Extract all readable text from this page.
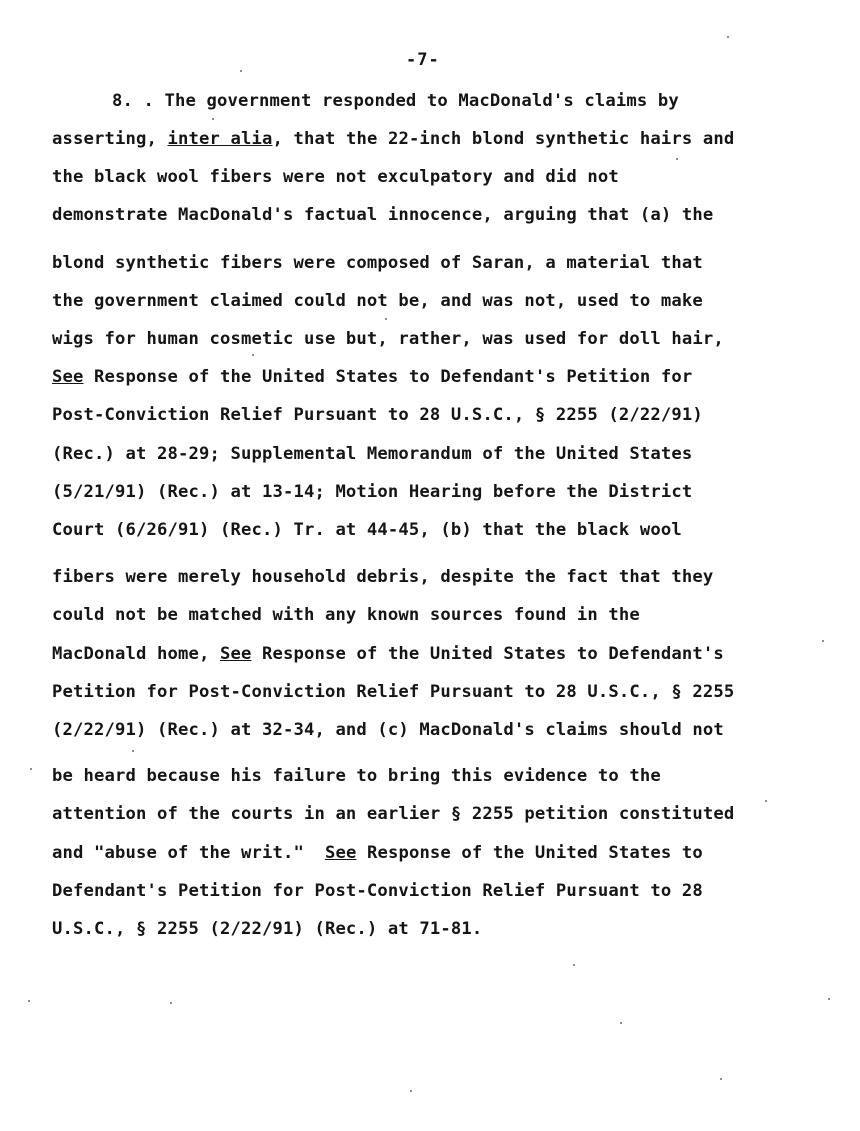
-7-
8. . The government responded to MacDonald's claims by
asserting, inter alia, that the 22-inch blond synthetic hairs and
the black wool fibers were not exculpatory and did not
demonstrate MacDonald's factual innocence, arguing that (a) the
blond synthetic fibers were composed of Saran, a material that
the government claimed could not be, and was not, used to make
wigs for human cosmetic use but, rather, was used for doll hair,
See Response of the United States to Defendant's Petition for
Post-Conviction Relief Pursuant to 28 U.S.C., § 2255 (2/22/91)
(Rec.) at 28-29; Supplemental Memorandum of the United States
(5/21/91) (Rec.) at 13-14; Motion Hearing before the District
Court (6/26/91) (Rec.) Tr. at 44-45, (b) that the black wool
fibers were merely household debris, despite the fact that they
could not be matched with any known sources found in the
MacDonald home, See Response of the United States to Defendant's
Petition for Post-Conviction Relief Pursuant to 28 U.S.C., § 2255
(2/22/91) (Rec.) at 32-34, and (c) MacDonald's claims should not
be heard because his failure to bring this evidence to the
attention of the courts in an earlier § 2255 petition constituted
and "abuse of the writ."  See Response of the United States to
Defendant's Petition for Post-Conviction Relief Pursuant to 28
U.S.C., § 2255 (2/22/91) (Rec.) at 71-81.
